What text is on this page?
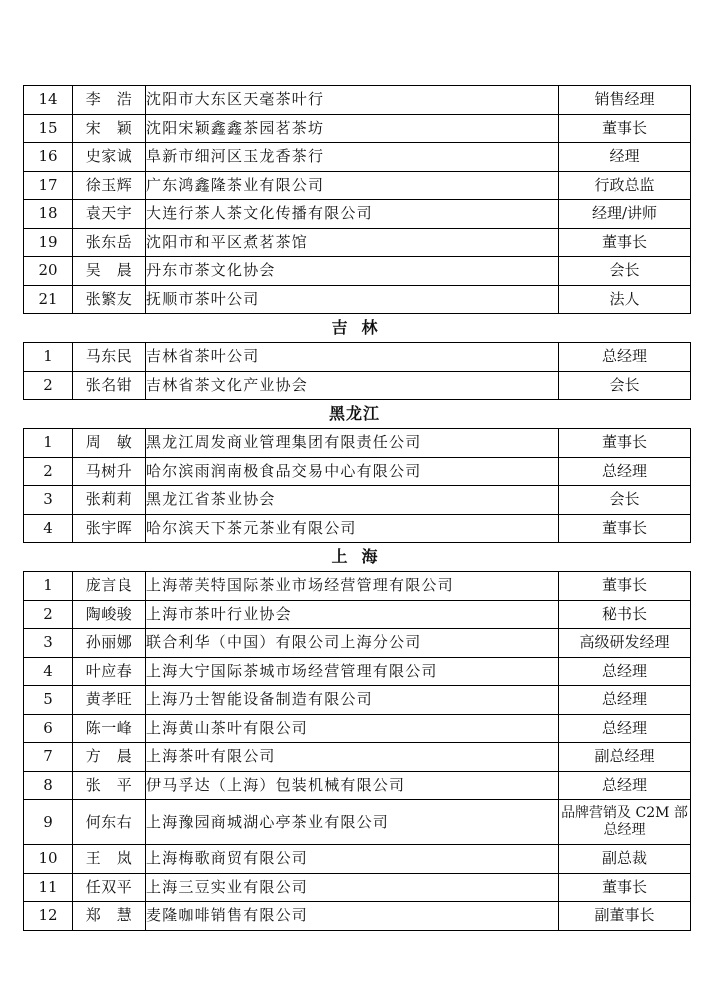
14	李　浩	沈阳市大东区天毫茶叶行	销售经理
15	宋　颖	沈阳宋颖鑫鑫茶园茗茶坊	董事长
16	史家诚	阜新市细河区玉龙香茶行	经理
17	徐玉辉	广东鸿鑫隆茶业有限公司	行政总监
18	袁天宇	大连行茶人茶文化传播有限公司	经理/讲师
19	张东岳	沈阳市和平区煮茗茶馆	董事长
20	吴　晨	丹东市茶文化协会	会长
21	张繁友	抚顺市茶叶公司	法人
吉林
1	马东民	吉林省茶叶公司	总经理
2	张名钳	吉林省茶文化产业协会	会长
黑龙江
1	周　敏	黑龙江周发商业管理集团有限责任公司	董事长
2	马树升	哈尔滨雨润南极食品交易中心有限公司	总经理
3	张莉莉	黑龙江省茶业协会	会长
4	张宇晖	哈尔滨天下茶元茶业有限公司	董事长
上海
1	庞言良	上海蒂芙特国际茶业市场经营管理有限公司	董事长
2	陶峻骏	上海市茶叶行业协会	秘书长
3	孙丽娜	联合利华（中国）有限公司上海分公司	高级研发经理
4	叶应春	上海大宁国际茶城市场经营管理有限公司	总经理
5	黄孝旺	上海乃士智能设备制造有限公司	总经理
6	陈一峰	上海黄山茶叶有限公司	总经理
7	方　晨	上海茶叶有限公司	副总经理
8	张　平	伊马孚达（上海）包装机械有限公司	总经理
9	何东右	上海豫园商城湖心亭茶业有限公司	品牌营销及 C2M 部总经理
10	王　岚	上海梅歌商贸有限公司	副总裁
11	任双平	上海三豆实业有限公司	董事长
12	郑　慧	麦隆咖啡销售有限公司	副董事长
